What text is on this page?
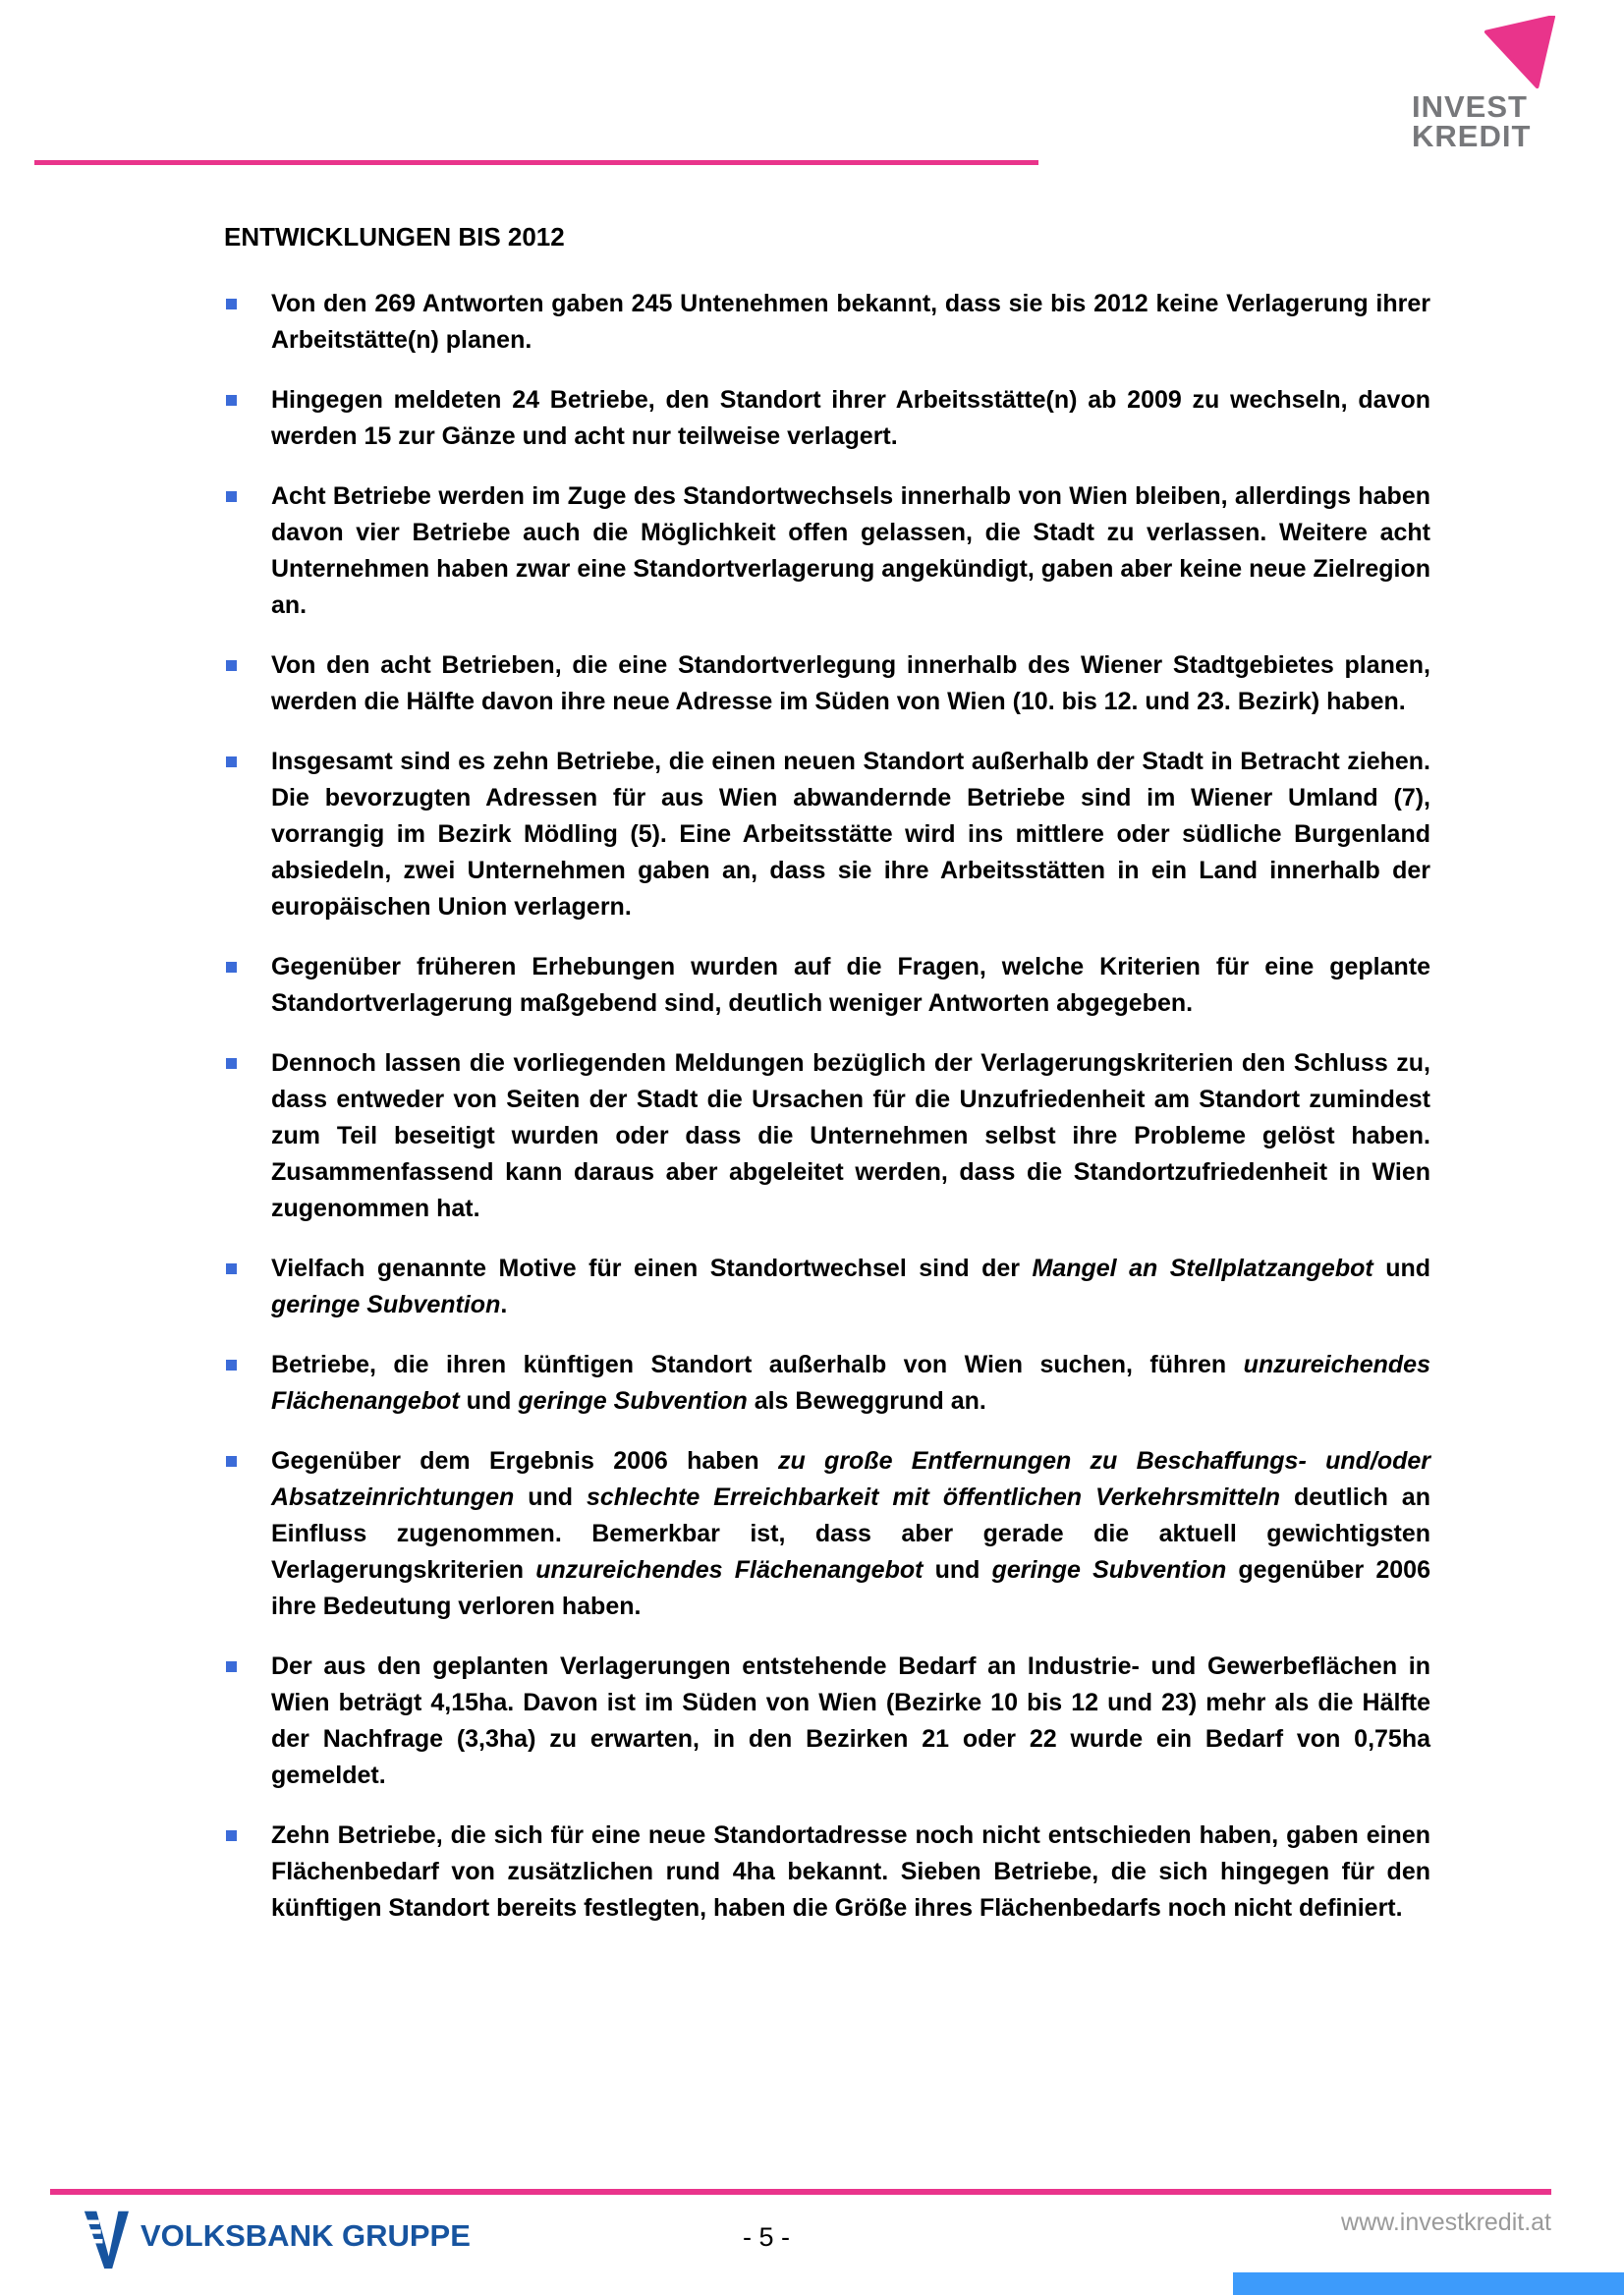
INVEST
KREDIT
ENTWICKLUNGEN BIS 2012
Von den 269 Antworten gaben 245 Untenehmen bekannt, dass sie bis 2012 keine Verlagerung ihrer Arbeitstätte(n) planen.
Hingegen meldeten 24 Betriebe, den Standort ihrer Arbeitsstätte(n) ab 2009 zu wechseln, davon werden 15 zur Gänze und acht nur teilweise verlagert.
Acht Betriebe werden im Zuge des Standortwechsels innerhalb von Wien bleiben, allerdings haben davon vier Betriebe auch die Möglichkeit offen gelassen, die Stadt zu verlassen. Weitere acht Unternehmen haben zwar eine Standortverlagerung angekündigt, gaben aber keine neue Zielregion an.
Von den acht Betrieben, die eine Standortverlegung innerhalb des Wiener Stadtgebietes planen, werden die Hälfte davon ihre neue Adresse im Süden von Wien (10. bis 12. und 23. Bezirk) haben.
Insgesamt sind es zehn Betriebe, die einen neuen Standort außerhalb der Stadt in Betracht ziehen. Die bevorzugten Adressen für aus Wien abwandernde Betriebe sind im Wiener Umland (7), vorrangig im Bezirk Mödling (5). Eine Arbeitsstätte wird ins mittlere oder südliche Burgenland absiedeln, zwei Unternehmen gaben an, dass sie ihre Arbeitsstätten in ein Land innerhalb der europäischen Union verlagern.
Gegenüber früheren Erhebungen wurden auf die Fragen, welche Kriterien für eine geplante Standortverlagerung maßgebend sind, deutlich weniger Antworten abgegeben.
Dennoch lassen die vorliegenden Meldungen bezüglich der Verlagerungskriterien den Schluss zu, dass entweder von Seiten der Stadt die Ursachen für die Unzufriedenheit am Standort zumindest zum Teil beseitigt wurden oder dass die Unternehmen selbst ihre Probleme gelöst haben. Zusammenfassend kann daraus aber abgeleitet werden, dass die Standortzufriedenheit in Wien zugenommen hat.
Vielfach genannte Motive für einen Standortwechsel sind der Mangel an Stellplatzangebot und geringe Subvention.
Betriebe, die ihren künftigen Standort außerhalb von Wien suchen, führen unzureichendes Flächenangebot und geringe Subvention als Beweggrund an.
Gegenüber dem Ergebnis 2006 haben zu große Entfernungen zu Beschaffungs- und/oder Absatzeinrichtungen und schlechte Erreichbarkeit mit öffentlichen Verkehrsmitteln deutlich an Einfluss zugenommen. Bemerkbar ist, dass aber gerade die aktuell gewichtigsten Verlagerungskriterien unzureichendes Flächenangebot und geringe Subvention gegenüber 2006 ihre Bedeutung verloren haben.
Der aus den geplanten Verlagerungen entstehende Bedarf an Industrie- und Gewerbeflächen in Wien beträgt 4,15ha. Davon ist im Süden von Wien (Bezirke 10 bis 12 und 23) mehr als die Hälfte der Nachfrage (3,3ha) zu erwarten, in den Bezirken 21 oder 22 wurde ein Bedarf von 0,75ha gemeldet.
Zehn Betriebe, die sich für eine neue Standortadresse noch nicht entschieden haben, gaben einen Flächenbedarf von zusätzlichen rund 4ha bekannt. Sieben Betriebe, die sich hingegen für den künftigen Standort bereits festlegten, haben die Größe ihres Flächenbedarfs noch nicht definiert.
VOLKSBANK GRUPPE	- 5 -	www.investkredit.at
